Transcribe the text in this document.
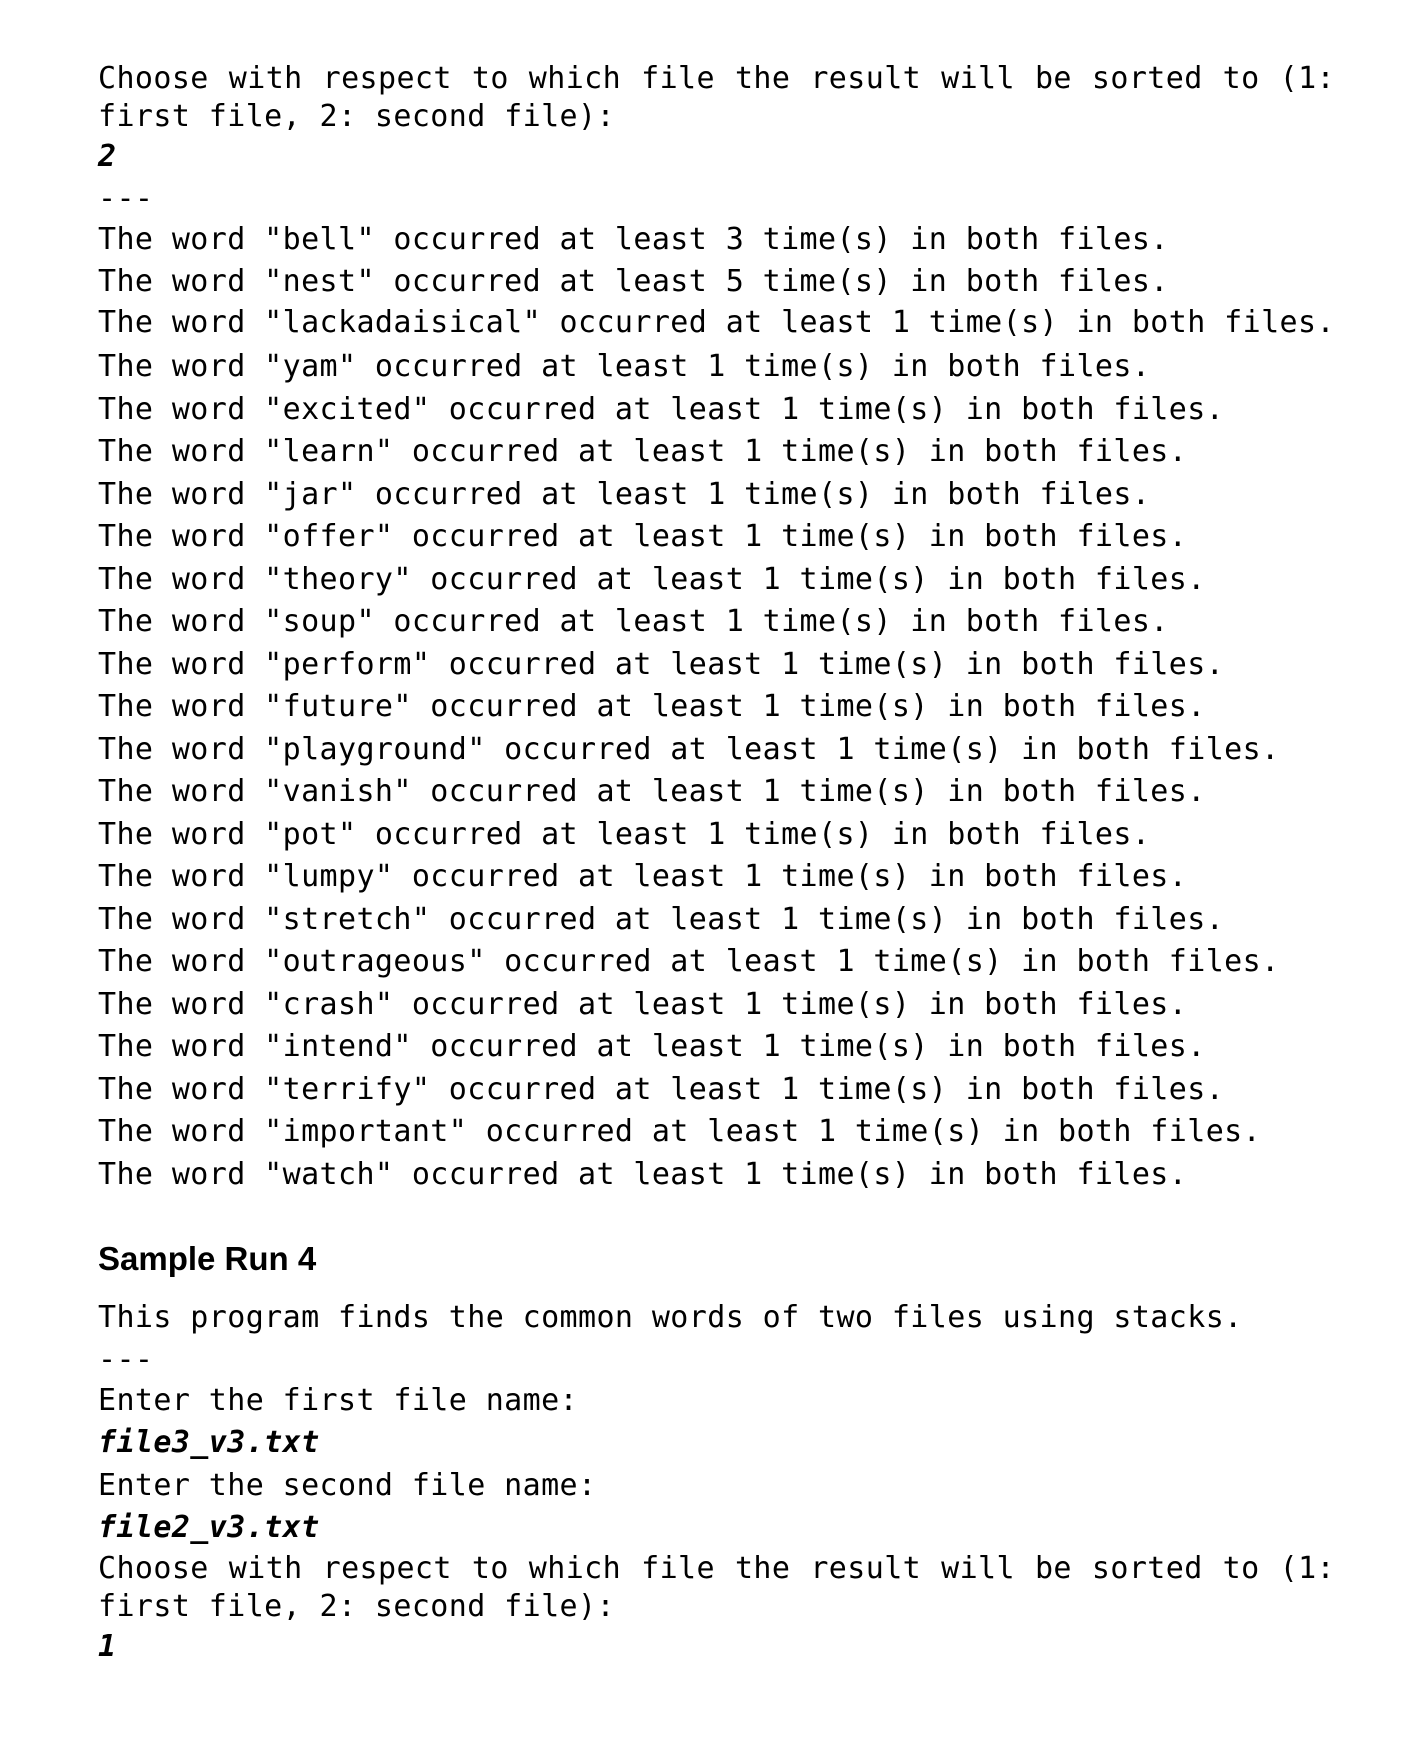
Choose with respect to which file the result will be sorted to (1: first file, 2: second file):
2
---
The word "bell" occurred at least 3 time(s) in both files.
The word "nest" occurred at least 5 time(s) in both files.
The word "lackadaisical" occurred at least 1 time(s) in both files.
The word "yam" occurred at least 1 time(s) in both files.
The word "excited" occurred at least 1 time(s) in both files.
The word "learn" occurred at least 1 time(s) in both files.
The word "jar" occurred at least 1 time(s) in both files.
The word "offer" occurred at least 1 time(s) in both files.
The word "theory" occurred at least 1 time(s) in both files.
The word "soup" occurred at least 1 time(s) in both files.
The word "perform" occurred at least 1 time(s) in both files.
The word "future" occurred at least 1 time(s) in both files.
The word "playground" occurred at least 1 time(s) in both files.
The word "vanish" occurred at least 1 time(s) in both files.
The word "pot" occurred at least 1 time(s) in both files.
The word "lumpy" occurred at least 1 time(s) in both files.
The word "stretch" occurred at least 1 time(s) in both files.
The word "outrageous" occurred at least 1 time(s) in both files.
The word "crash" occurred at least 1 time(s) in both files.
The word "intend" occurred at least 1 time(s) in both files.
The word "terrify" occurred at least 1 time(s) in both files.
The word "important" occurred at least 1 time(s) in both files.
The word "watch" occurred at least 1 time(s) in both files.
Sample Run 4
This program finds the common words of two files using stacks.
---
Enter the first file name:
file3_v3.txt
Enter the second file name:
file2_v3.txt
Choose with respect to which file the result will be sorted to (1: first file, 2: second file):
1
